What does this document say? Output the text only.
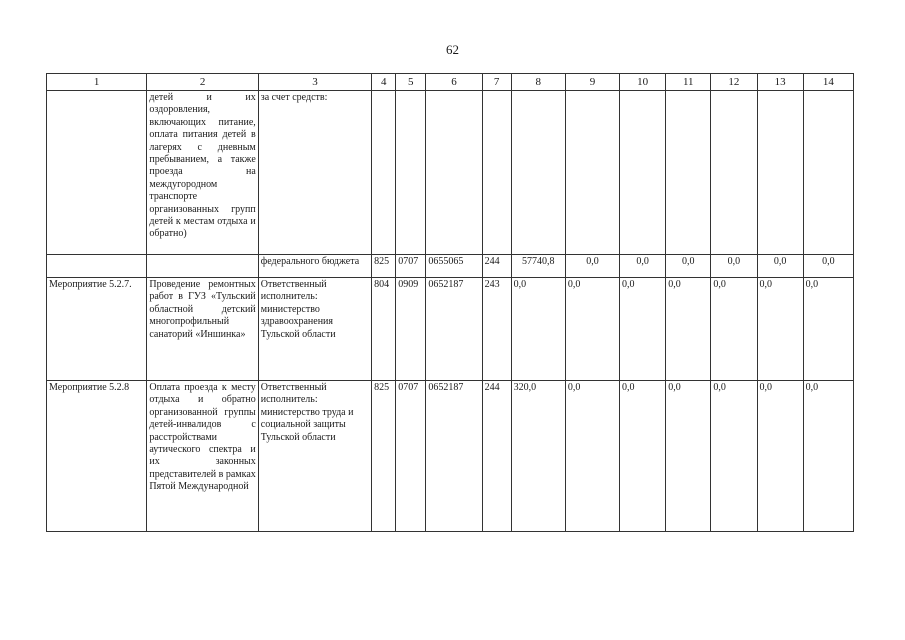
62
1	2	3	4	5	6	7	8	9	10	11	12	13	14
	детей и их оздоровления, включающих питание, оплата питания детей в лагерях с дневным пребыванием, а также проезда на междугородном транспорте организованных групп детей к местам отдыха и обратно)	за счет средств:											
		федерального бюджета	825	0707	0655065	244	57740,8	0,0	0,0	0,0	0,0	0,0	0,0
Мероприятие 5.2.7.	Проведение ремонтных работ в ГУЗ «Тульский областной детский многопрофильный санаторий «Иншинка»	Ответственный исполнитель: министерство здравоохранения Тульской области	804	0909	0652187	243	0,0	0,0	0,0	0,0	0,0	0,0	0,0
Мероприятие 5.2.8	Оплата проезда к месту отдыха и обратно организованной группы детей-инвалидов с расстройствами аутического спектра и их законных представителей в рамках Пятой Международной	Ответственный исполнитель: министерство труда и социальной защиты Тульской области	825	0707	0652187	244	320,0	0,0	0,0	0,0	0,0	0,0	0,0
